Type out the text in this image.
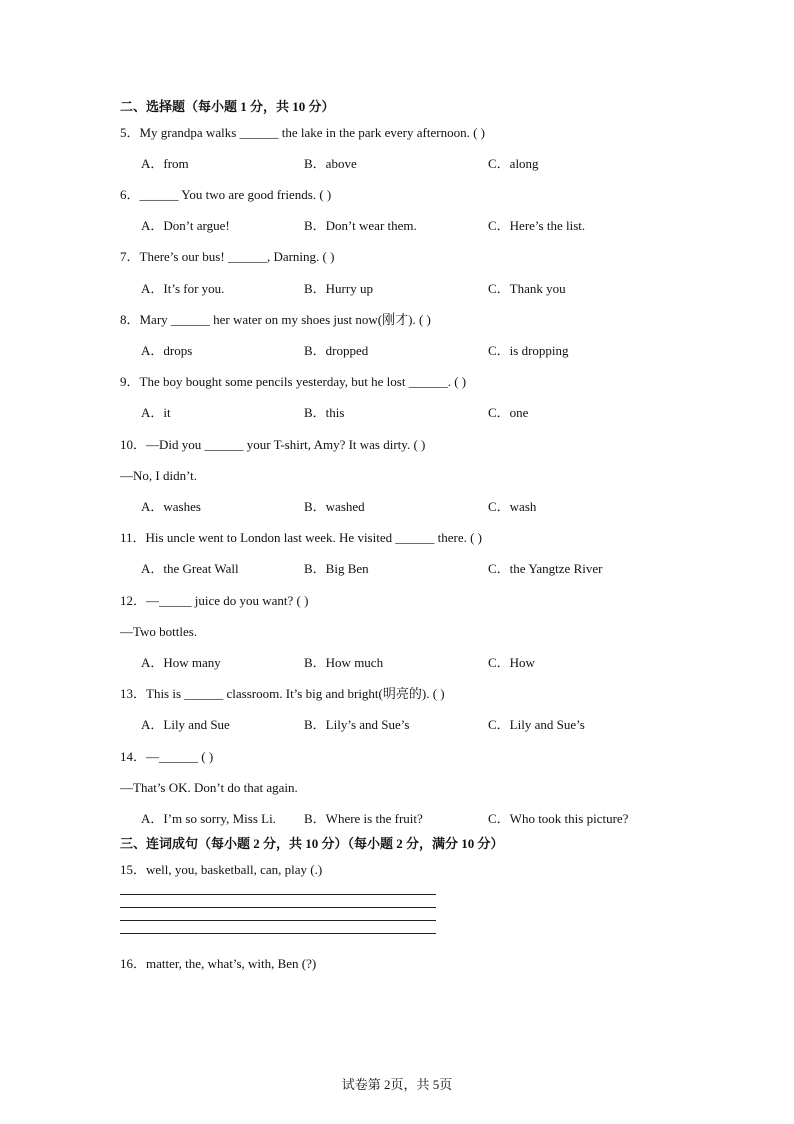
二、选择题（每小题 1 分，共 10 分）
5．My grandpa walks ______ the lake in the park every afternoon. ( )
A．from	B．above	C．along
6．______ You two are good friends. ( )
A．Don’t argue!	B．Don’t wear them.	C．Here’s the list.
7．There’s our bus! ______, Darning. ( )
A．It’s for you.	B．Hurry up	C．Thank you
8．Mary ______ her water on my shoes just now(刚才). ( )
A．drops	B．dropped	C．is dropping
9．The boy bought some pencils yesterday, but he lost ______. ( )
A．it	B．this	C．one
10．—Did you ______ your T-shirt, Amy? It was dirty. ( )
—No, I didn’t.
A．washes	B．washed	C．wash
11．His uncle went to London last week. He visited ______ there. ( )
A．the Great Wall	B．Big Ben	C．the Yangtze River
12．—_____ juice do you want? ( )
—Two bottles.
A．How many	B．How much	C．How
13．This is ______ classroom. It’s big and bright(明亮的). ( )
A．Lily and Sue	B．Lily’s and Sue’s	C．Lily and Sue’s
14．—______ ( )
—That’s OK. Don’t do that again.
A．I’m so sorry, Miss Li. B．Where is the fruit?	C．Who took this picture?
三、连词成句（每小题 2 分，共 10 分）（每小题 2 分，满分 10 分）
15．well, you, basketball, can, play (.)
16．matter, the, what’s, with, Ben (?)
试卷第 2页，共 5页
